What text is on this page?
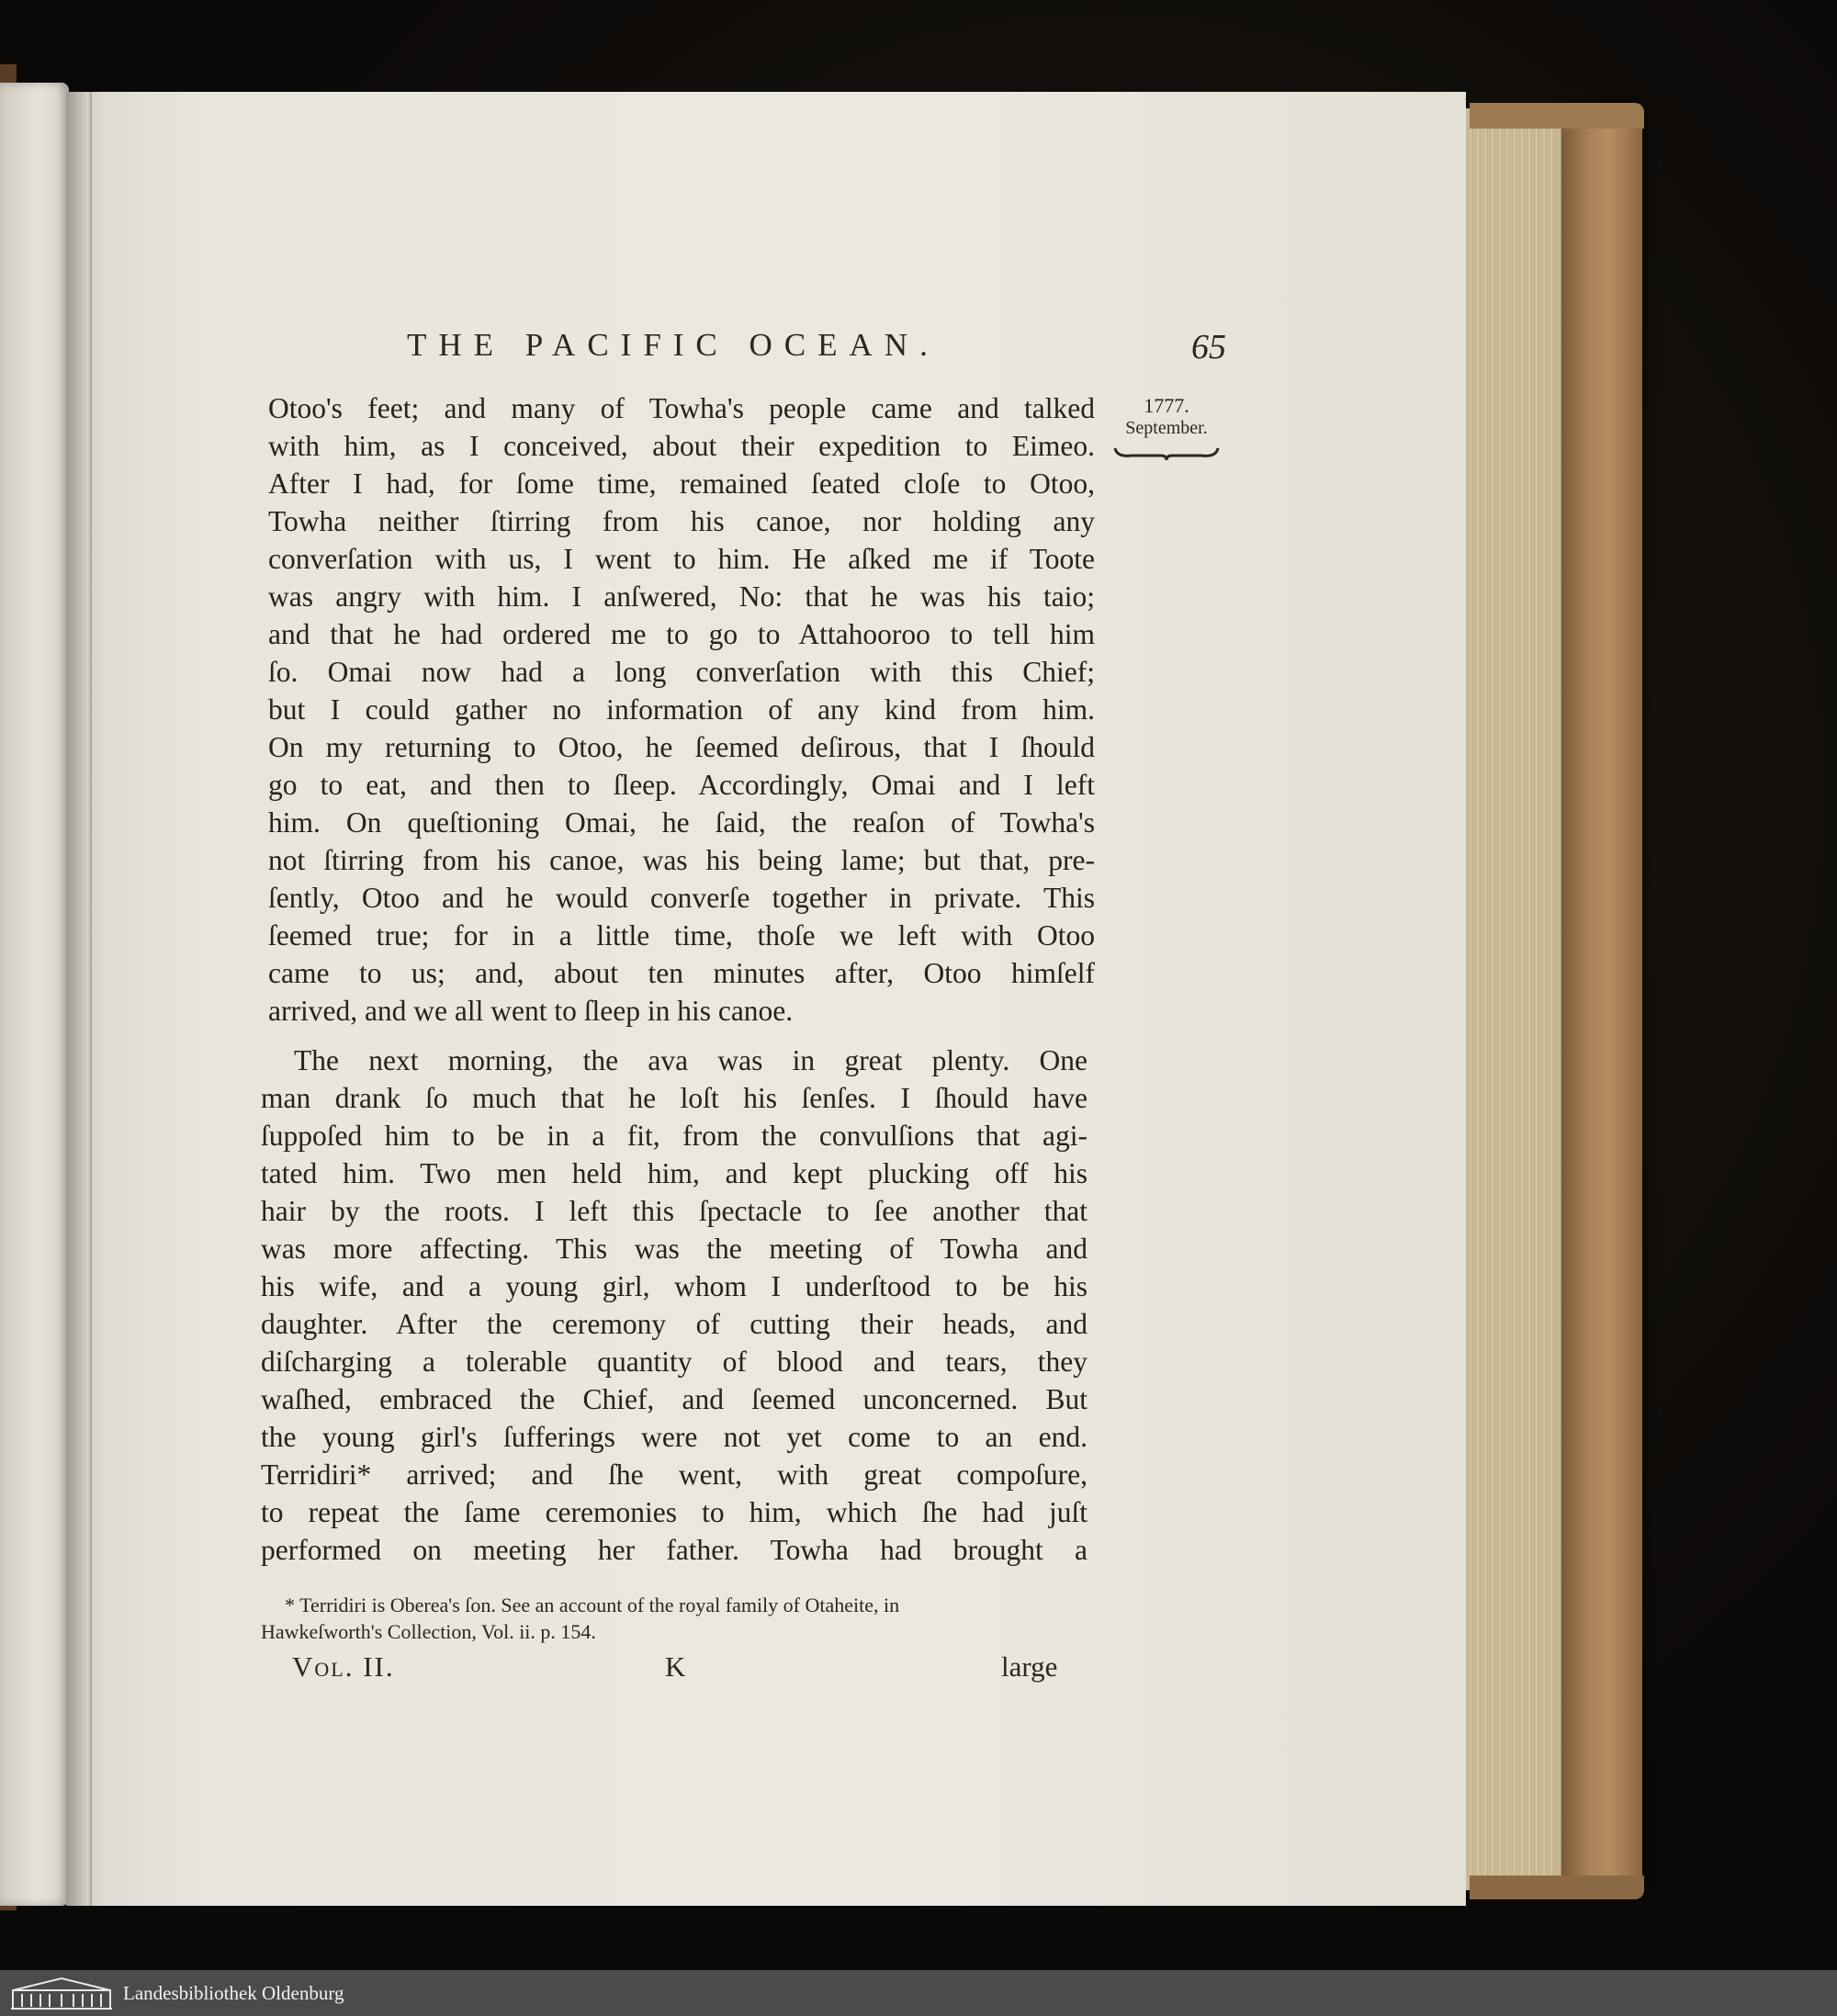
THE PACIFIC OCEAN.	65
1777.
September.
Otoo's feet; and many of Towha's people came and talked
with him, as I conceived, about their expedition to Eimeo.
After I had, for ſome time, remained ſeated cloſe to Otoo,
Towha neither ſtirring from his canoe, nor holding any
converſation with us, I went to him. He aſked me if Toote
was angry with him. I anſwered, No: that he was his taio;
and that he had ordered me to go to Attahooroo to tell him
ſo. Omai now had a long converſation with this Chief;
but I could gather no information of any kind from him.
On my returning to Otoo, he ſeemed deſirous, that I ſhould
go to eat, and then to ſleep. Accordingly, Omai and I left
him. On queſtioning Omai, he ſaid, the reaſon of Towha's
not ſtirring from his canoe, was his being lame; but that, pre-
ſently, Otoo and he would converſe together in private. This
ſeemed true; for in a little time, thoſe we left with Otoo
came to us; and, about ten minutes after, Otoo himſelf
arrived, and we all went to ſleep in his canoe.
The next morning, the ava was in great plenty. One
man drank ſo much that he loſt his ſenſes. I ſhould have
ſuppoſed him to be in a fit, from the convulſions that agi-
tated him. Two men held him, and kept plucking off his
hair by the roots. I left this ſpectacle to ſee another that
was more affecting. This was the meeting of Towha and
his wife, and a young girl, whom I underſtood to be his
daughter. After the ceremony of cutting their heads, and
diſcharging a tolerable quantity of blood and tears, they
waſhed, embraced the Chief, and ſeemed unconcerned. But
the young girl's ſufferings were not yet come to an end.
Terridiri* arrived; and ſhe went, with great compoſure,
to repeat the ſame ceremonies to him, which ſhe had juſt
performed on meeting her father. Towha had brought a
* Terridiri is Oberea's ſon. See an account of the royal family of Otaheite, in
Hawkeſworth's Collection, Vol. ii. p. 154.
Vol. II.	K	large
Landesbibliothek Oldenburg
